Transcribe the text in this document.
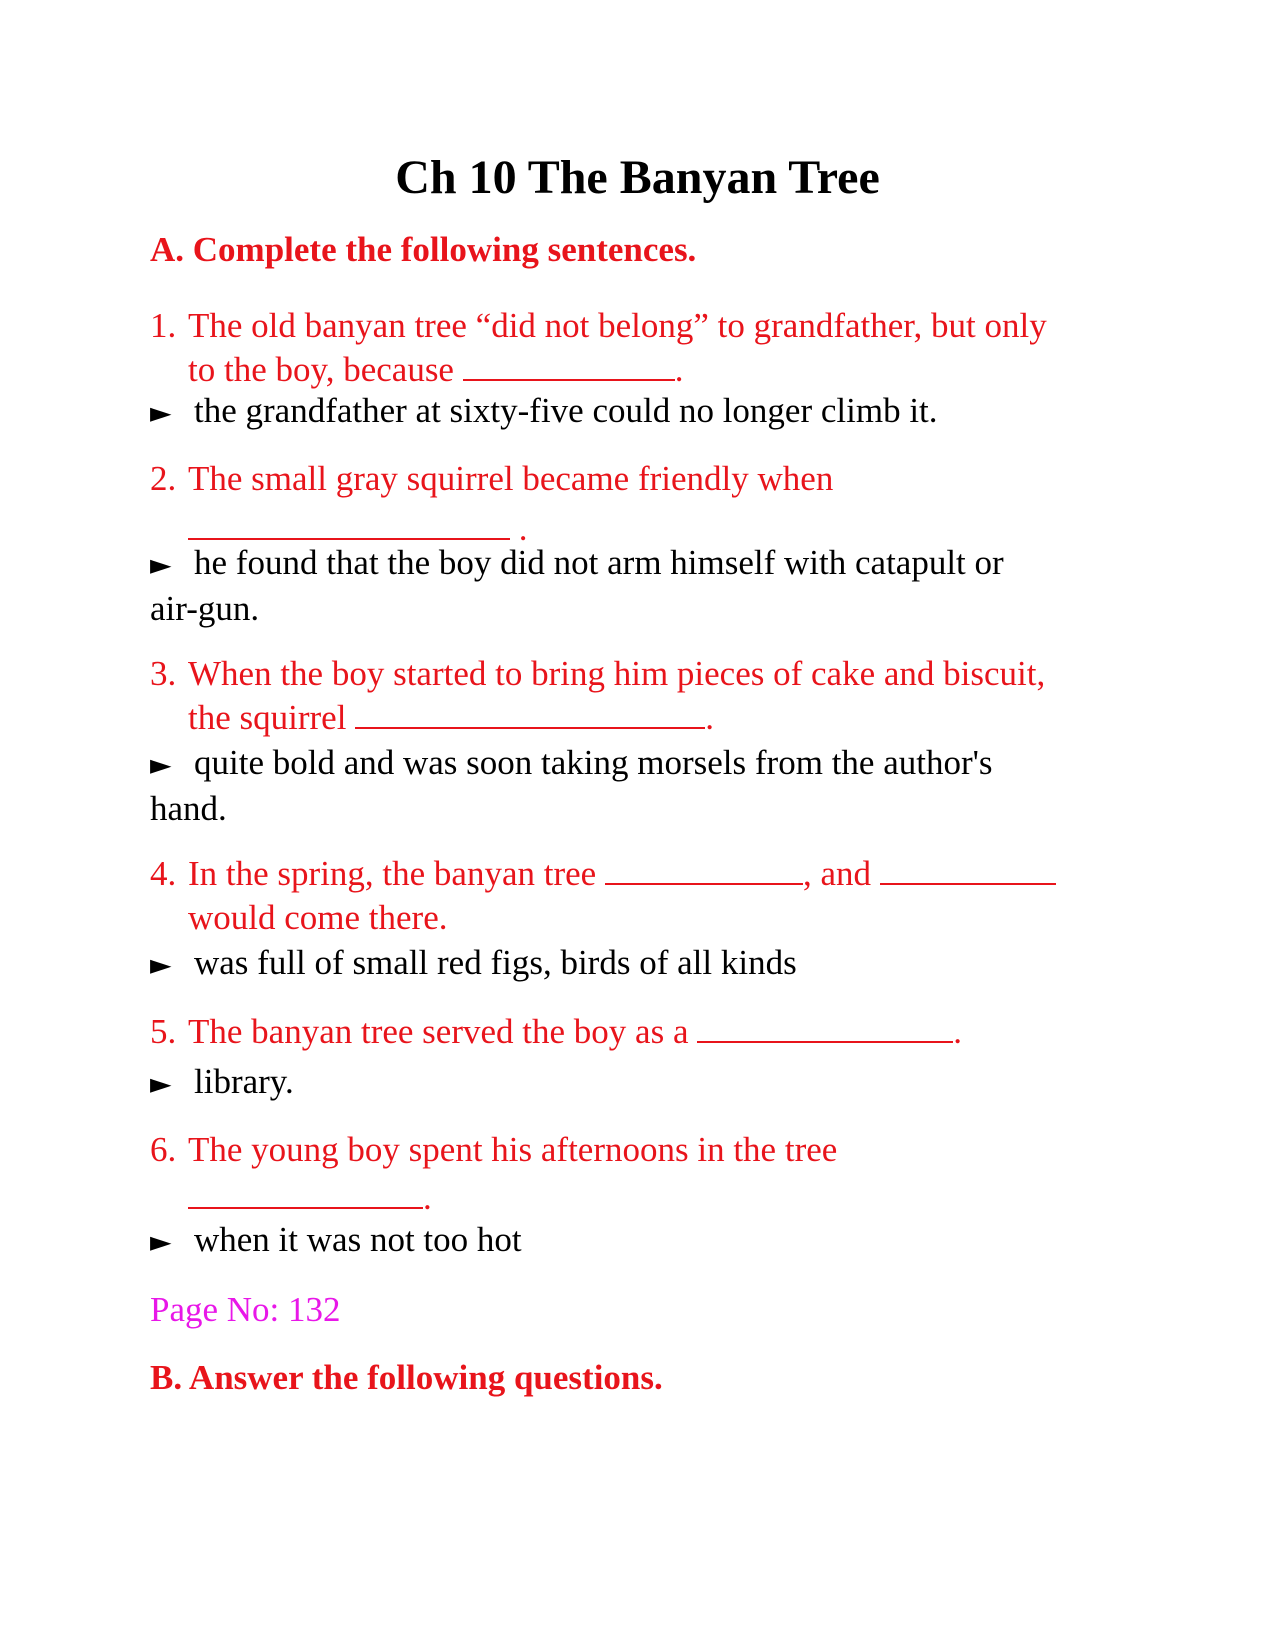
Ch 10 The Banyan Tree
A. Complete the following sentences.
1. The old banyan tree “did not belong” to grandfather, but only
to the boy, because	.
► the grandfather at sixty-five could no longer climb it.
2. The small gray squirrel became friendly when
.
► he found that the boy did not arm himself with catapult or
air-gun.
3. When the boy started to bring him pieces of cake and biscuit,
the squirrel	.
► quite bold and was soon taking morsels from the author's
hand.
4. In the spring, the banyan tree	, and
would come there.
► was full of small red figs, birds of all kinds
5. The banyan tree served the boy as a	.
► library.
6. The young boy spent his afternoons in the tree
.
► when it was not too hot
Page No: 132
B. Answer the following questions.
